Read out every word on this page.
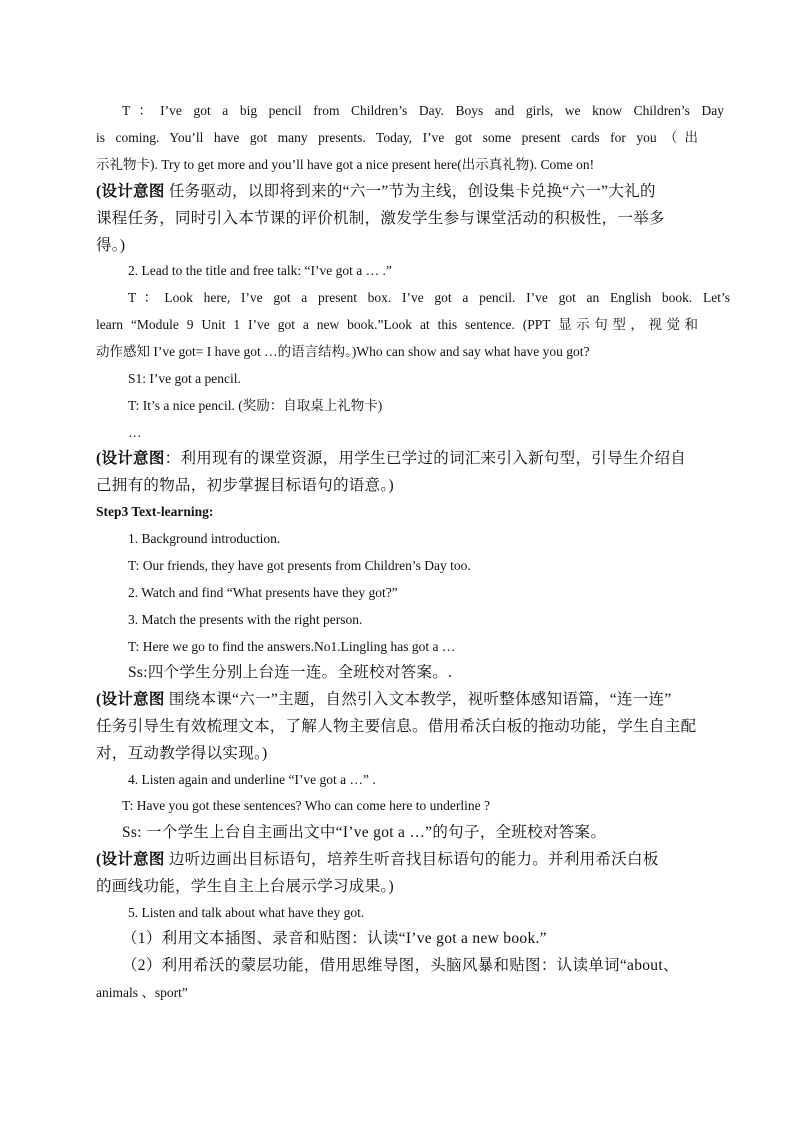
T：I’ve got a big pencil from Children’s Day. Boys and girls, we know Children’s Day
is coming. You’ll have got many presents. Today, I’ve got some present cards for you（出
示礼物卡). Try to get more and you’ll have got a nice present here(出示真礼物). Come on!
(设计意图 任务驱动，以即将到来的“六一”节为主线，创设集卡兑换“六一”大礼的
课程任务，同时引入本节课的评价机制，激发学生参与课堂活动的积极性，一举多
得。)
2. Lead to the title and free talk: “I’ve got a … .”
T：Look here, I’ve got a present box. I’ve got a pencil. I’ve got an English book. Let’s
learn “Module 9 Unit 1 I’ve got a new book.”Look at this sentence. (PPT 显示句型，视觉和
动作感知 I’ve got= I have got …的语言结构。)Who can show and say what have you got?
S1: I’ve got a pencil.
T: It’s a nice pencil. (奖励：自取桌上礼物卡)
…
(设计意图：利用现有的课堂资源，用学生已学过的词汇来引入新句型，引导生介绍自
己拥有的物品，初步掌握目标语句的语意。)
Step3 Text-learning:
1. Background introduction.
T: Our friends, they have got presents from Children’s Day too.
2. Watch and find “What presents have they got?”
3. Match the presents with the right person.
T: Here we go to find the answers.No1.Lingling has got a …
Ss:四个学生分别上台连一连。全班校对答案。.
(设计意图 围绕本课“六一”主题，自然引入文本教学，视听整体感知语篇，“连一连”
任务引导生有效梳理文本，了解人物主要信息。借用希沃白板的拖动功能，学生自主配
对，互动教学得以实现。)
4. Listen again and underline “I’ve got a …” .
T: Have you got these sentences? Who can come here to underline ?
Ss: 一个学生上台自主画出文中“I’ve got a …”的句子，全班校对答案。
(设计意图 边听边画出目标语句，培养生听音找目标语句的能力。并利用希沃白板
的画线功能，学生自主上台展示学习成果。)
5. Listen and talk about what have they got.
（1）利用文本插图、录音和贴图：认读“I’ve got a new book.”
（2）利用希沃的蒙层功能，借用思维导图，头脑风暴和贴图：认读单词“about、
animals 、sport”
